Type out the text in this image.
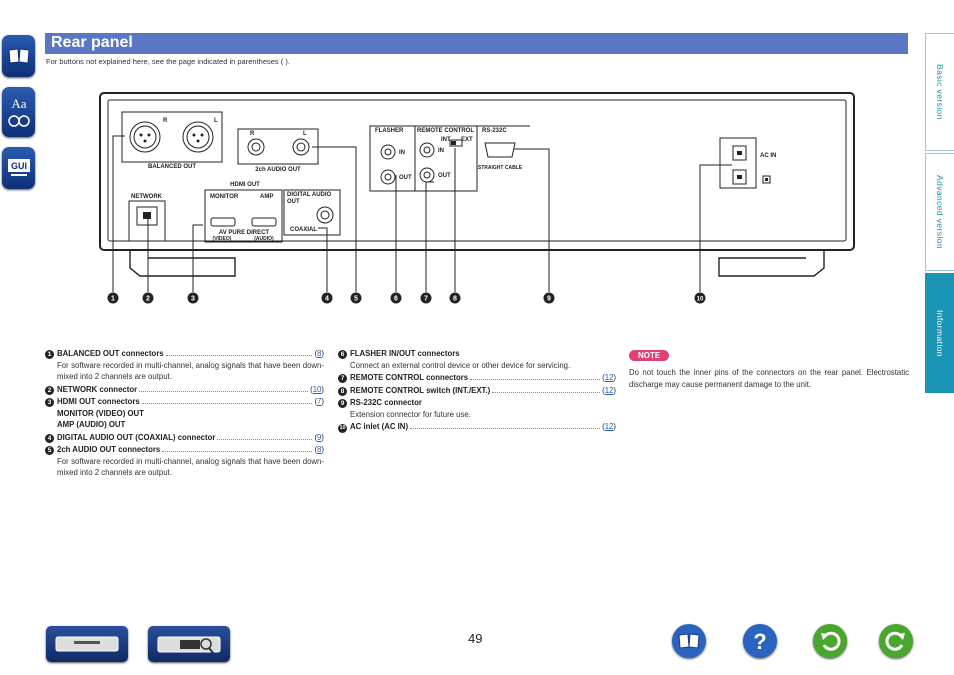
Aa
GUI
Basic version
Advanced version
Information
Rear panel
For buttons not explained here, see the page indicated in parentheses ( ).
R	L
BALANCED OUT
R	L
2ch AUDIO OUT
NETWORK
HDMI OUT
MONITOR	AMP
AV PURE DIRECT
(VIDEO)	(AUDIO)
DIGITAL AUDIO
OUT
COAXIAL
FLASHER
IN
OUT
REMOTE CONTROL
IN
OUT
INT EXT
RS-232C
STRAIGHT CABLE
AC IN
1	2	3	4	5	6	7	8	9	10
1 BALANCED OUT connectors	(8)
For software recorded in multi-channel, analog signals that have been down-mixed into 2 channels are output.
2 NETWORK connector	(10)
3 HDMI OUT connectors	(7)
MONITOR (VIDEO) OUT
AMP (AUDIO) OUT
4 DIGITAL AUDIO OUT (COAXIAL) connector	(9)
5 2ch AUDIO OUT connectors	(8)
For software recorded in multi-channel, analog signals that have been down-mixed into 2 channels are output.
6 FLASHER IN/OUT connectors
Connect an external control device or other device for servicing.
7 REMOTE CONTROL connectors	(12)
8 REMOTE CONTROL switch (INT./EXT.)	(12)
9 RS-232C connector
Extension connector for future use.
10 AC inlet (AC IN)	(12)
NOTE
Do not touch the inner pins of the connectors on the rear panel. Electrostatic discharge may cause permanent damage to the unit.
49	?
